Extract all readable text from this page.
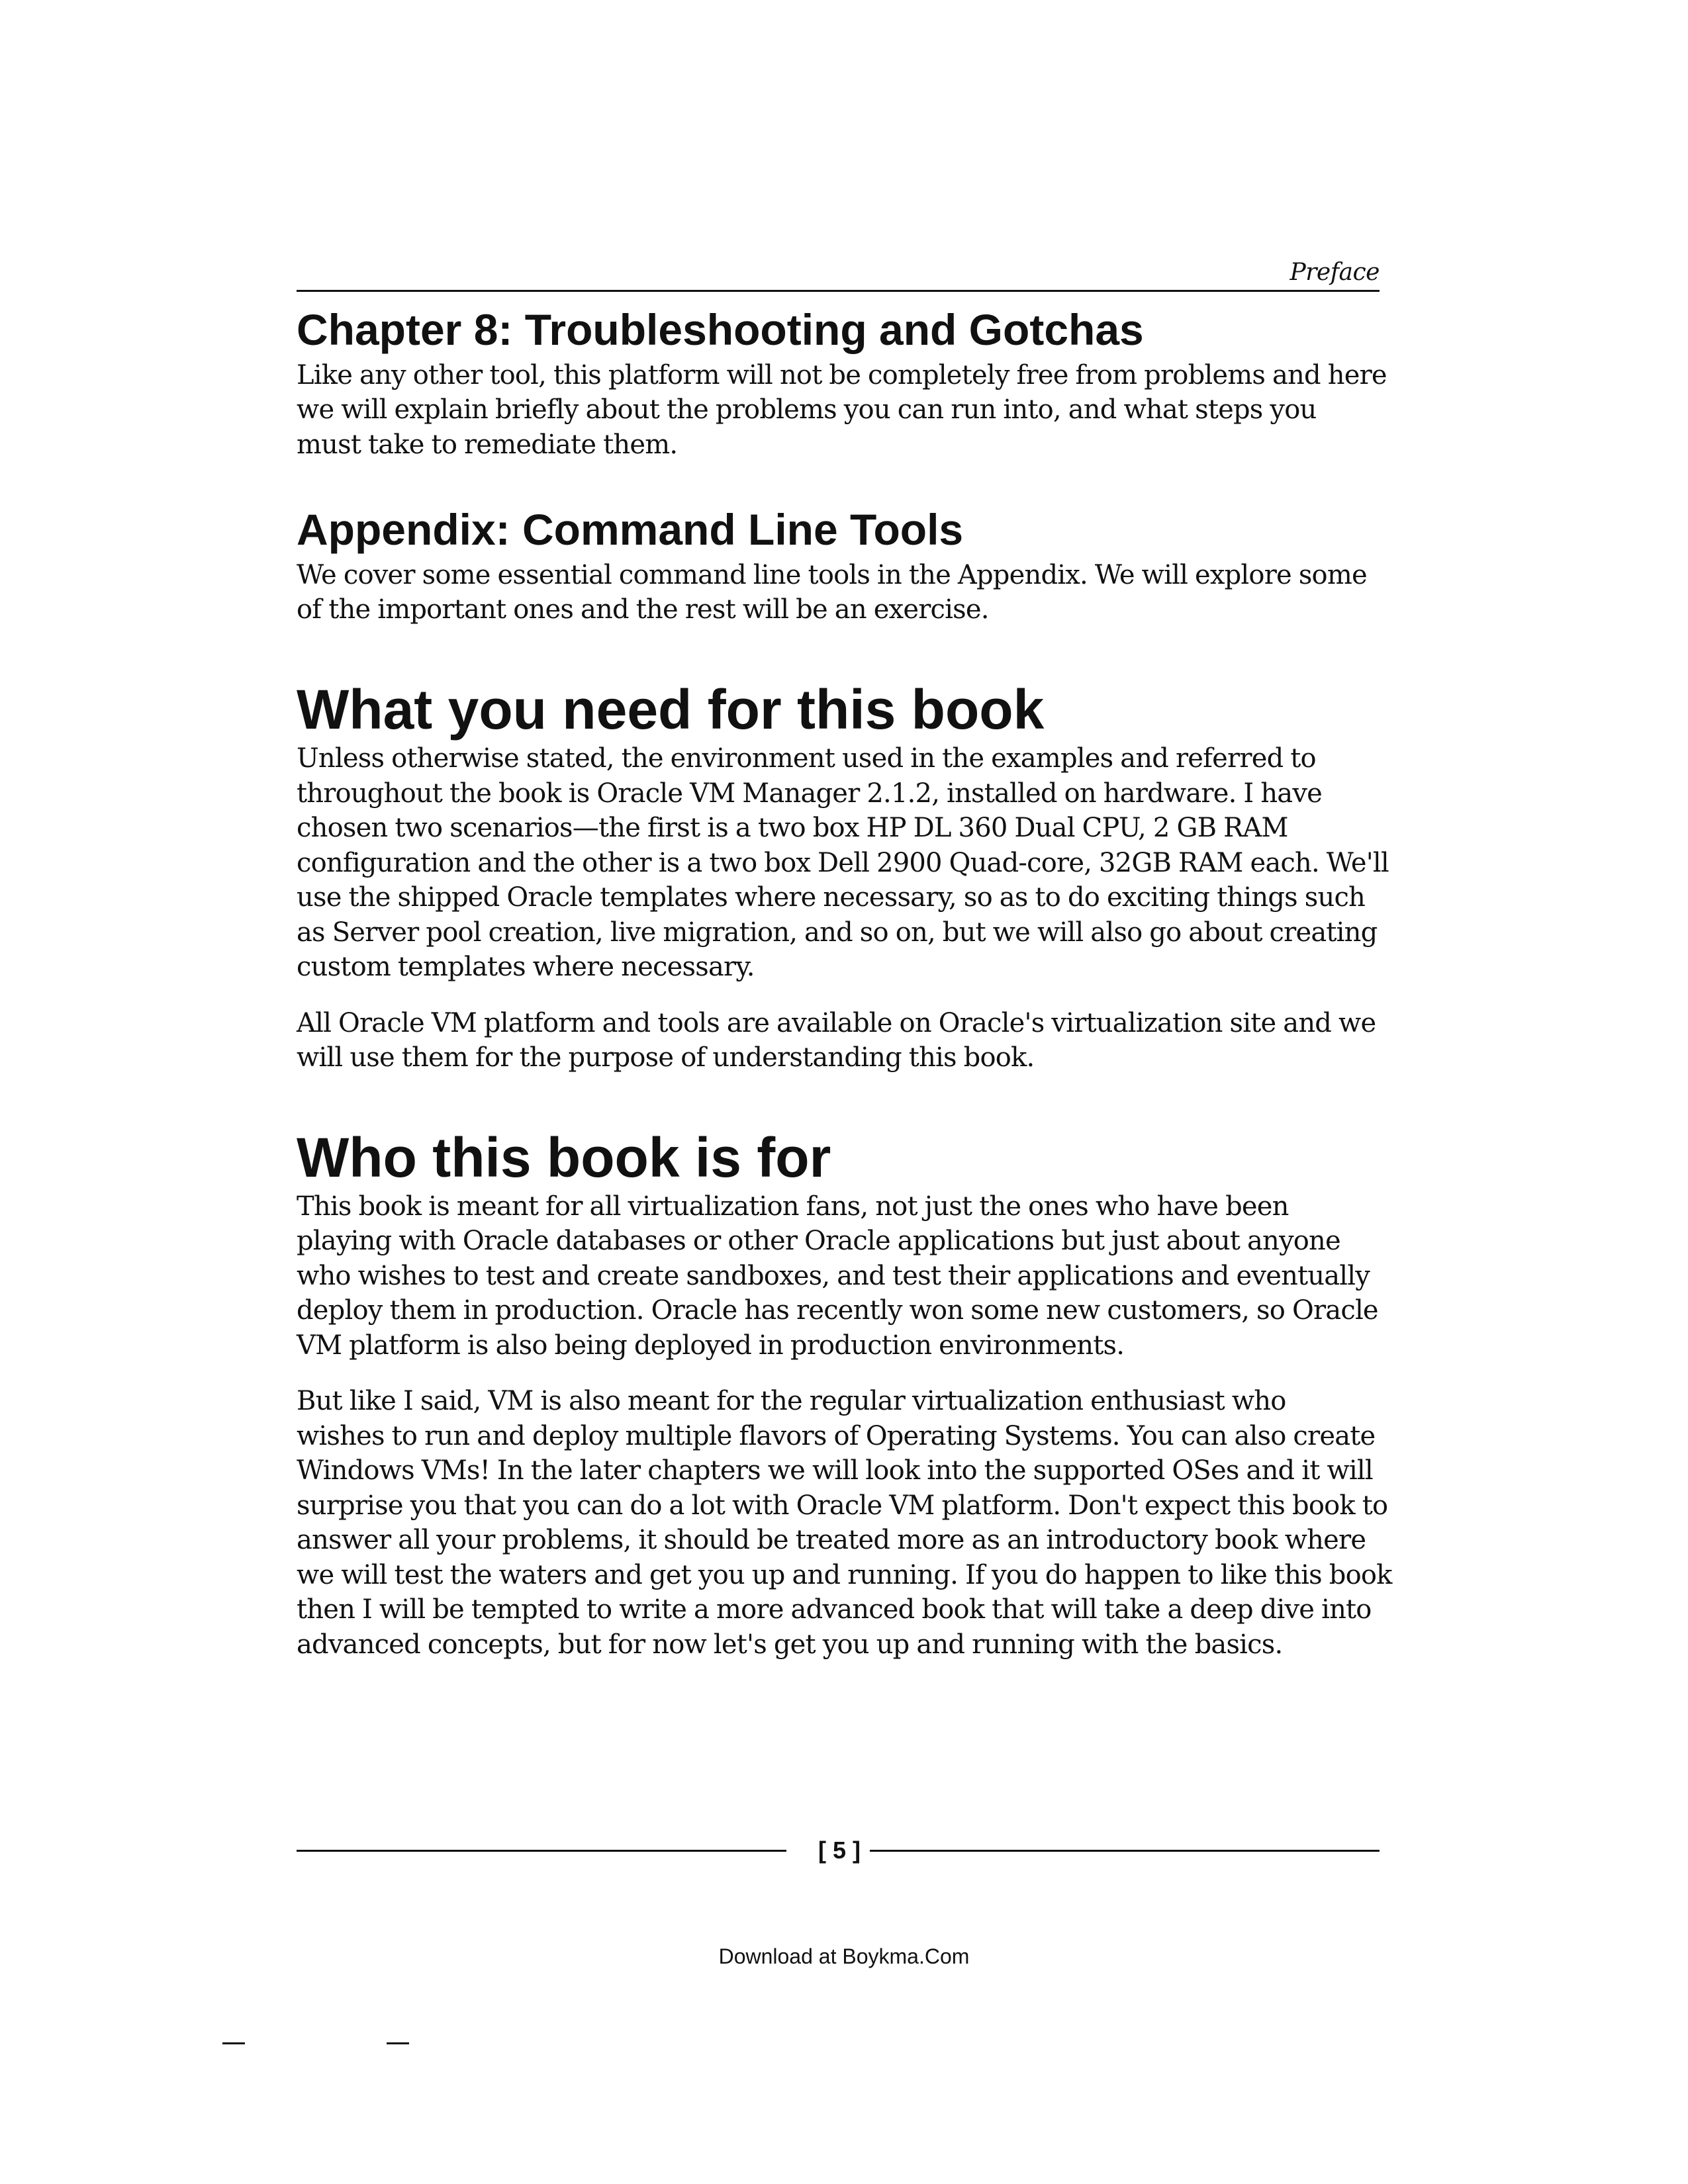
Preface
Chapter 8: Troubleshooting and Gotchas

Like any other tool, this platform will not be completely free from problems and here
we will explain briefly about the problems you can run into, and what steps you
must take to remediate them.

Appendix: Command Line Tools

We cover some essential command line tools in the Appendix. We will explore some
of the important ones and the rest will be an exercise.

What you need for this book

Unless otherwise stated, the environment used in the examples and referred to
throughout the book is Oracle VM Manager 2.1.2, installed on hardware. I have
chosen two scenarios—the first is a two box HP DL 360 Dual CPU, 2 GB RAM
configuration and the other is a two box Dell 2900 Quad-core, 32GB RAM each. We'll
use the shipped Oracle templates where necessary, so as to do exciting things such
as Server pool creation, live migration, and so on, but we will also go about creating
custom templates where necessary.

All Oracle VM platform and tools are available on Oracle's virtualization site and we
will use them for the purpose of understanding this book.

Who this book is for

This book is meant for all virtualization fans, not just the ones who have been
playing with Oracle databases or other Oracle applications but just about anyone
who wishes to test and create sandboxes, and test their applications and eventually
deploy them in production. Oracle has recently won some new customers, so Oracle
VM platform is also being deployed in production environments.

But like I said, VM is also meant for the regular virtualization enthusiast who
wishes to run and deploy multiple flavors of Operating Systems. You can also create
Windows VMs! In the later chapters we will look into the supported OSes and it will
surprise you that you can do a lot with Oracle VM platform. Don't expect this book to
answer all your problems, it should be treated more as an introductory book where
we will test the waters and get you up and running. If you do happen to like this book
then I will be tempted to write a more advanced book that will take a deep dive into
advanced concepts, but for now let's get you up and running with the basics.

[ 5 ]
Download at Boykma.Com
